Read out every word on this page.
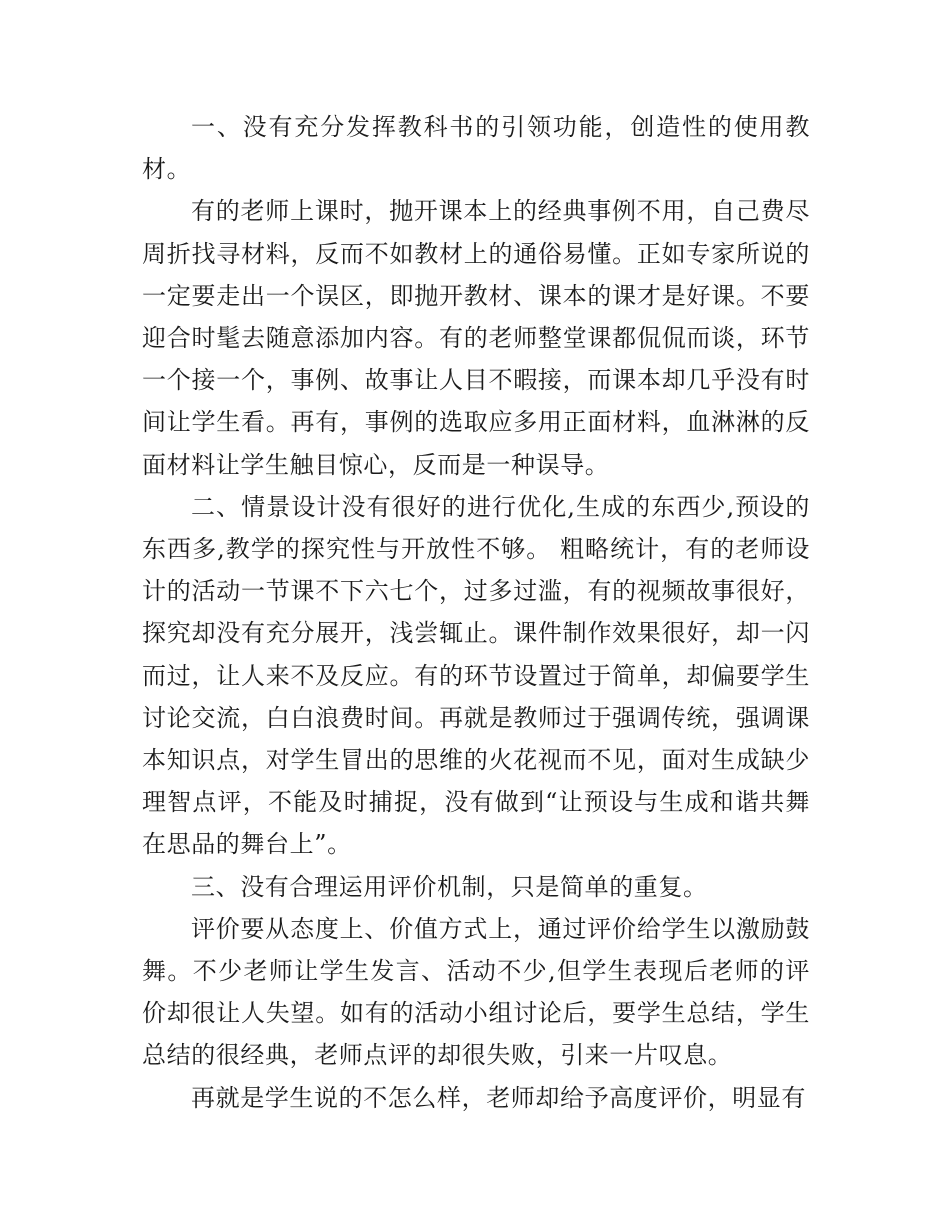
一、没有充分发挥教科书的引领功能，创造性的使用教材。

有的老师上课时，抛开课本上的经典事例不用，自己费尽周折找寻材料，反而不如教材上的通俗易懂。正如专家所说的一定要走出一个误区，即抛开教材、课本的课才是好课。不要迎合时髦去随意添加内容。有的老师整堂课都侃侃而谈，环节一个接一个，事例、故事让人目不暇接，而课本却几乎没有时间让学生看。再有，事例的选取应多用正面材料，血淋淋的反面材料让学生触目惊心，反而是一种误导。

二、情景设计没有很好的进行优化,生成的东西少,预设的东西多,教学的探究性与开放性不够。 粗略统计，有的老师设计的活动一节课不下六七个，过多过滥，有的视频故事很好，探究却没有充分展开，浅尝辄止。课件制作效果很好，却一闪而过，让人来不及反应。有的环节设置过于简单，却偏要学生讨论交流，白白浪费时间。再就是教师过于强调传统，强调课本知识点，对学生冒出的思维的火花视而不见，面对生成缺少理智点评，不能及时捕捉，没有做到“让预设与生成和谐共舞在思品的舞台上”。

三、没有合理运用评价机制，只是简单的重复。

评价要从态度上、价值方式上，通过评价给学生以激励鼓舞。不少老师让学生发言、活动不少,但学生表现后老师的评价却很让人失望。如有的活动小组讨论后，要学生总结，学生总结的很经典，老师点评的却很失败，引来一片叹息。

再就是学生说的不怎么样，老师却给予高度评价，明显有
